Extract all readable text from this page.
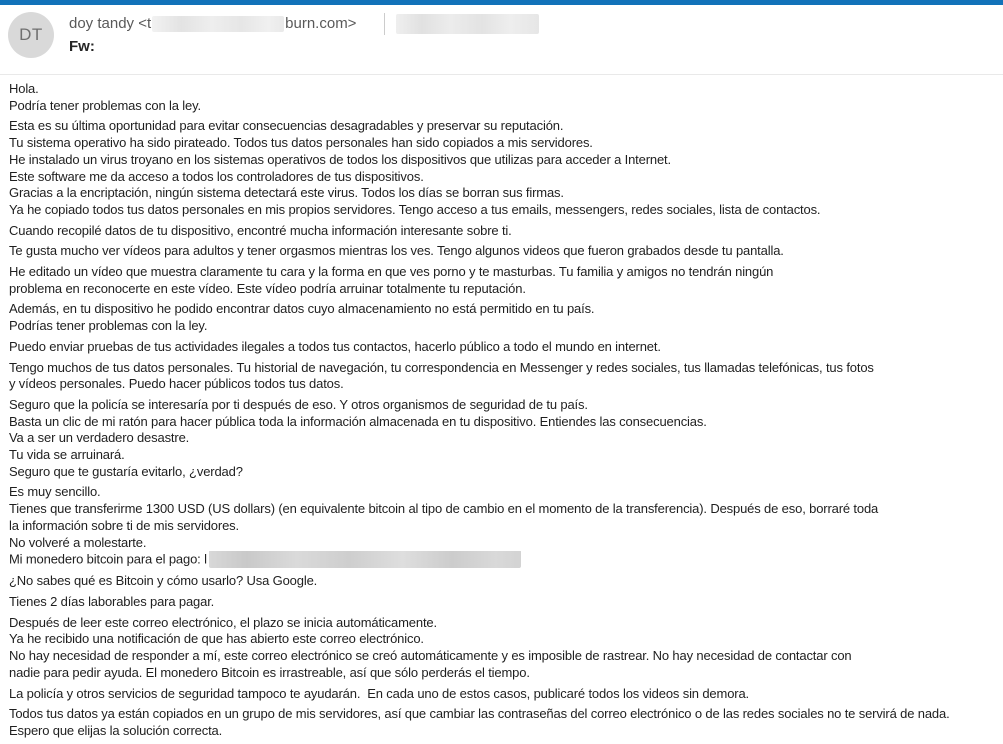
DT
doy tandy <t	burn.com>
Fw:
Hola.
Podría tener problemas con la ley.
Esta es su última oportunidad para evitar consecuencias desagradables y preservar su reputación.
Tu sistema operativo ha sido pirateado. Todos tus datos personales han sido copiados a mis servidores.
He instalado un virus troyano en los sistemas operativos de todos los dispositivos que utilizas para acceder a Internet.
Este software me da acceso a todos los controladores de tus dispositivos.
Gracias a la encriptación, ningún sistema detectará este virus. Todos los días se borran sus firmas.
Ya he copiado todos tus datos personales en mis propios servidores. Tengo acceso a tus emails, messengers, redes sociales, lista de contactos.
Cuando recopilé datos de tu dispositivo, encontré mucha información interesante sobre ti.
Te gusta mucho ver vídeos para adultos y tener orgasmos mientras los ves. Tengo algunos videos que fueron grabados desde tu pantalla.
He editado un vídeo que muestra claramente tu cara y la forma en que ves porno y te masturbas. Tu familia y amigos no tendrán ningún
problema en reconocerte en este vídeo. Este vídeo podría arruinar totalmente tu reputación.
Además, en tu dispositivo he podido encontrar datos cuyo almacenamiento no está permitido en tu país.
Podrías tener problemas con la ley.
Puedo enviar pruebas de tus actividades ilegales a todos tus contactos, hacerlo público a todo el mundo en internet.
Tengo muchos de tus datos personales. Tu historial de navegación, tu correspondencia en Messenger y redes sociales, tus llamadas telefónicas, tus fotos
y vídeos personales. Puedo hacer públicos todos tus datos.
Seguro que la policía se interesaría por ti después de eso. Y otros organismos de seguridad de tu país.
Basta un clic de mi ratón para hacer pública toda la información almacenada en tu dispositivo. Entiendes las consecuencias.
Va a ser un verdadero desastre.
Tu vida se arruinará.
Seguro que te gustaría evitarlo, ¿verdad?
Es muy sencillo.
Tienes que transferirme 1300 USD (US dollars) (en equivalente bitcoin al tipo de cambio en el momento de la transferencia). Después de eso, borraré toda
la información sobre ti de mis servidores.
No volveré a molestarte.
Mi monedero bitcoin para el pago: l
¿No sabes qué es Bitcoin y cómo usarlo? Usa Google.
Tienes 2 días laborables para pagar.
Después de leer este correo electrónico, el plazo se inicia automáticamente.
Ya he recibido una notificación de que has abierto este correo electrónico.
No hay necesidad de responder a mí, este correo electrónico se creó automáticamente y es imposible de rastrear. No hay necesidad de contactar con
nadie para pedir ayuda. El monedero Bitcoin es irrastreable, así que sólo perderás el tiempo.
La policía y otros servicios de seguridad tampoco te ayudarán.  En cada uno de estos casos, publicaré todos los videos sin demora.
Todos tus datos ya están copiados en un grupo de mis servidores, así que cambiar las contraseñas del correo electrónico o de las redes sociales no te servirá de nada.
Espero que elijas la solución correcta.
